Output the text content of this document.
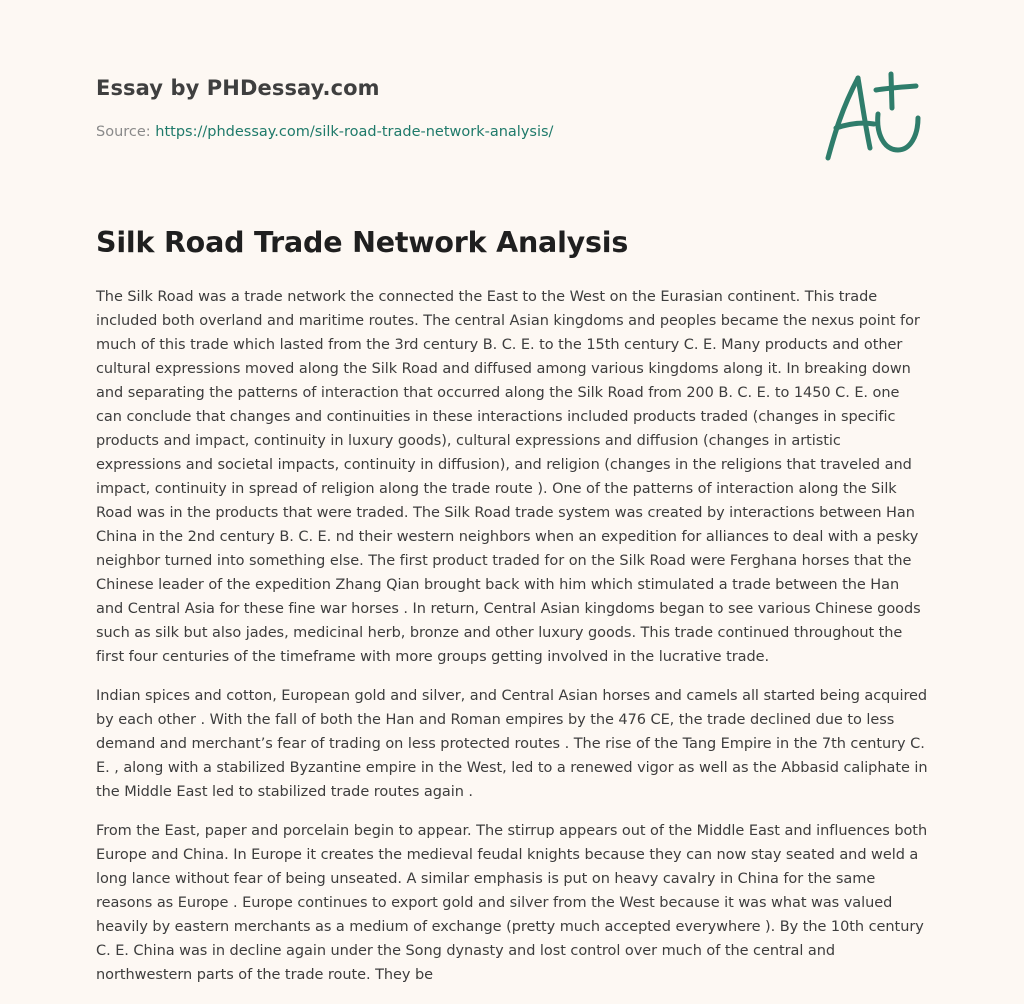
Essay by PHDessay.com
Source: https://phdessay.com/silk-road-trade-network-analysis/
Silk Road Trade Network Analysis

The Silk Road was a trade network the connected the East to the West on the Eurasian continent. This trade included both overland and maritime routes. The central Asian kingdoms and peoples became the nexus point for much of this trade which lasted from the 3rd century B. C. E. to the 15th century C. E. Many products and other cultural expressions moved along the Silk Road and diffused among various kingdoms along it. In breaking down and separating the patterns of interaction that occurred along the Silk Road from 200 B. C. E. to 1450 C. E. one can conclude that changes and continuities in these interactions included products traded (changes in specific products and impact, continuity in luxury goods), cultural expressions and diffusion (changes in artistic expressions and societal impacts, continuity in diffusion), and religion (changes in the religions that traveled and impact, continuity in spread of religion along the trade route ). One of the patterns of interaction along the Silk Road was in the products that were traded. The Silk Road trade system was created by interactions between Han China in the 2nd century B. C. E. nd their western neighbors when an expedition for alliances to deal with a pesky neighbor turned into something else. The first product traded for on the Silk Road were Ferghana horses that the Chinese leader of the expedition Zhang Qian brought back with him which stimulated a trade between the Han and Central Asia for these fine war horses . In return, Central Asian kingdoms began to see various Chinese goods such as silk but also jades, medicinal herb, bronze and other luxury goods. This trade continued throughout the first four centuries of the timeframe with more groups getting involved in the lucrative trade.

Indian spices and cotton, European gold and silver, and Central Asian horses and camels all started being acquired by each other . With the fall of both the Han and Roman empires by the 476 CE, the trade declined due to less demand and merchant’s fear of trading on less protected routes . The rise of the Tang Empire in the 7th century C. E. , along with a stabilized Byzantine empire in the West, led to a renewed vigor as well as the Abbasid caliphate in the Middle East led to stabilized trade routes again .

From the East, paper and porcelain begin to appear. The stirrup appears out of the Middle East and influences both Europe and China. In Europe it creates the medieval feudal knights because they can now stay seated and weld a long lance without fear of being unseated. A similar emphasis is put on heavy cavalry in China for the same reasons as Europe . Europe continues to export gold and silver from the West because it was what was valued heavily by eastern merchants as a medium of exchange (pretty much accepted everywhere ). By the 10th century C. E. China was in decline again under the Song dynasty and lost control over much of the central and northwestern parts of the trade route. They be
